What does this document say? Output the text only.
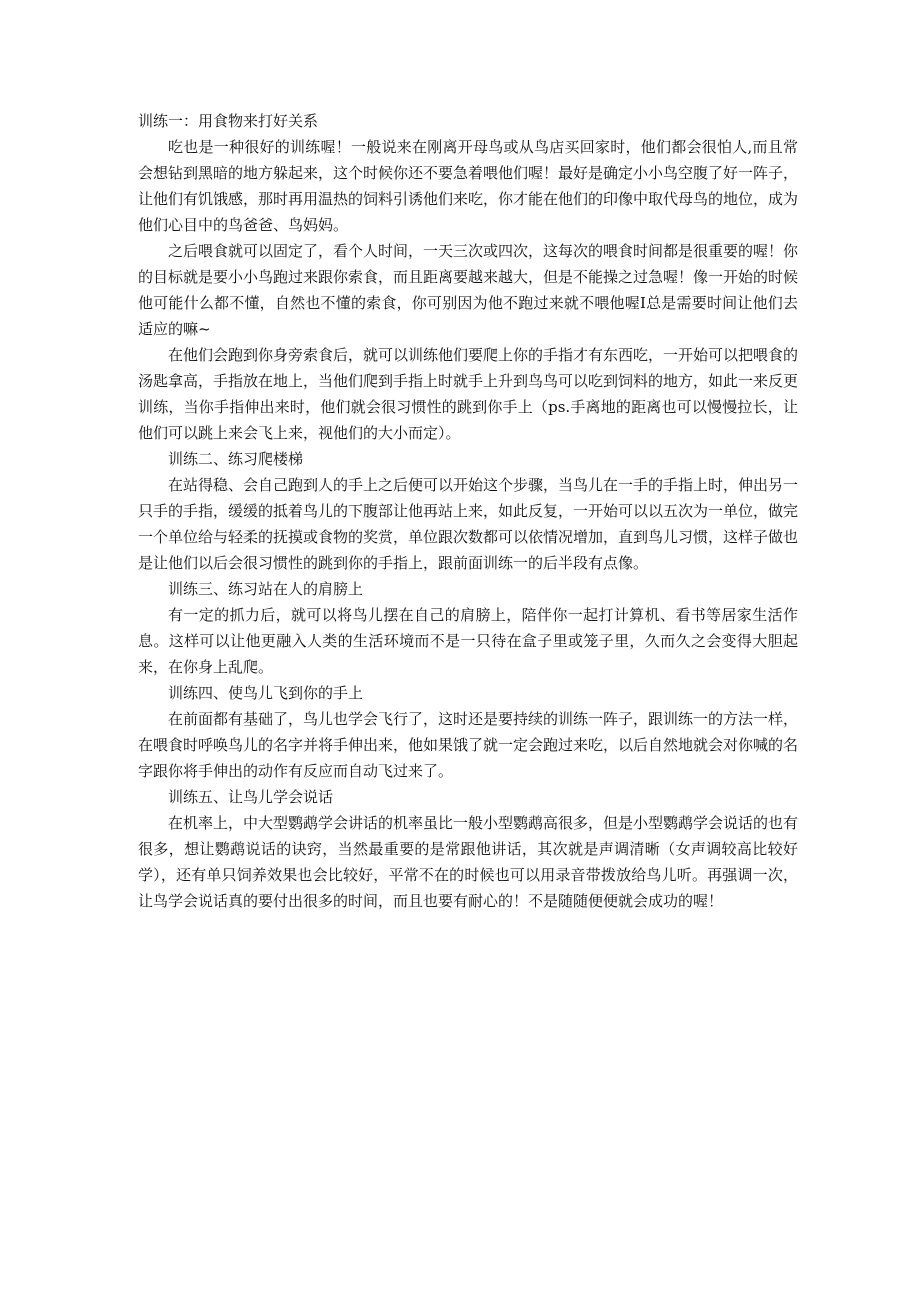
训练一：用食物来打好关系

吃也是一种很好的训练喔！一般说来在刚离开母鸟或从鸟店买回家时，他们都会很怕人,而且常会想钻到黑暗的地方躲起来，这个时候你还不要急着喂他们喔！最好是确定小小鸟空腹了好一阵子，让他们有饥饿感，那时再用温热的饲料引诱他们来吃，你才能在他们的印像中取代母鸟的地位，成为他们心目中的鸟爸爸、鸟妈妈。

之后喂食就可以固定了，看个人时间，一天三次或四次，这每次的喂食时间都是很重要的喔！你的目标就是要小小鸟跑过来跟你索食，而且距离要越来越大，但是不能操之过急喔！像一开始的时候他可能什么都不懂，自然也不懂的索食，你可别因为他不跑过来就不喂他喔I总是需要时间让他们去适应的嘛~

在他们会跑到你身旁索食后，就可以训练他们要爬上你的手指才有东西吃，一开始可以把喂食的汤匙拿高，手指放在地上，当他们爬到手指上时就手上升到鸟鸟可以吃到饲料的地方，如此一来反更训练，当你手指伸出来时，他们就会很习惯性的跳到你手上（ps.手离地的距离也可以慢慢拉长，让他们可以跳上来会飞上来，视他们的大小而定）。

训练二、练习爬楼梯

在站得稳、会自己跑到人的手上之后便可以开始这个步骤，当鸟儿在一手的手指上时，伸出另一只手的手指，缓缓的抵着鸟儿的下腹部让他再站上来，如此反复，一开始可以以五次为一单位，做完一个单位给与轻柔的抚摸或食物的奖赏，单位跟次数都可以依情况增加，直到鸟儿习惯，这样子做也是让他们以后会很习惯性的跳到你的手指上，跟前面训练一的后半段有点像。

训练三、练习站在人的肩膀上

有一定的抓力后，就可以将鸟儿摆在自己的肩膀上，陪伴你一起打计算机、看书等居家生活作息。这样可以让他更融入人类的生活环境而不是一只待在盒子里或笼子里，久而久之会变得大胆起来，在你身上乱爬。

训练四、使鸟儿飞到你的手上

在前面都有基础了，鸟儿也学会飞行了，这时还是要持续的训练一阵子，跟训练一的方法一样，在喂食时呼唤鸟儿的名字并将手伸出来，他如果饿了就一定会跑过来吃，以后自然地就会对你喊的名字跟你将手伸出的动作有反应而自动飞过来了。

训练五、让鸟儿学会说话

在机率上，中大型鹦鹉学会讲话的机率虽比一般小型鹦鹉高很多，但是小型鹦鹉学会说话的也有很多，想让鹦鹉说话的诀窍，当然最重要的是常跟他讲话，其次就是声调清晰（女声调较高比较好学），还有单只饲养效果也会比较好，平常不在的时候也可以用录音带拨放给鸟儿听。再强调一次，让鸟学会说话真的要付出很多的时间，而且也要有耐心的！不是随随便便就会成功的喔！
